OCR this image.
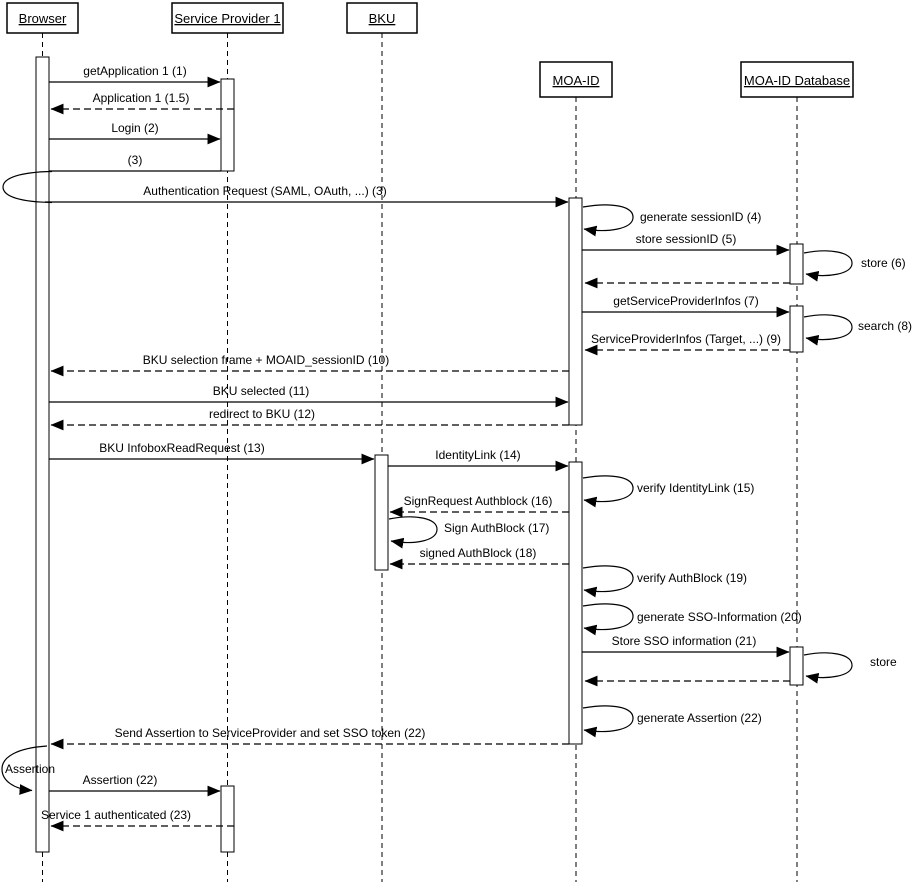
Browser	Service Provider 1	BKU
MOA-ID	MOA-ID Database
getApplication 1 (1)
Application 1 (1.5)
Login (2)
(3)
Authentication Request (SAML, OAuth, ...) (3)
generate sessionID (4)
store sessionID (5)
store (6)
getServiceProviderInfos (7)
search (8)
ServiceProviderInfos (Target, ...) (9)
BKU selection frame + MOAID_sessionID (10)
BKU selected (11)
redirect to BKU (12)
BKU InfoboxReadRequest (13)	IdentityLink (14)
verify IdentityLink (15)
SignRequest Authblock (16)
Sign AuthBlock (17)
signed AuthBlock (18)
verify AuthBlock (19)
generate SSO-Information (20)
Store SSO information (21)
store
generate Assertion (22)
Send Assertion to ServiceProvider and set SSO token (22)
Assertion
Assertion (22)
Service 1 authenticated (23)
